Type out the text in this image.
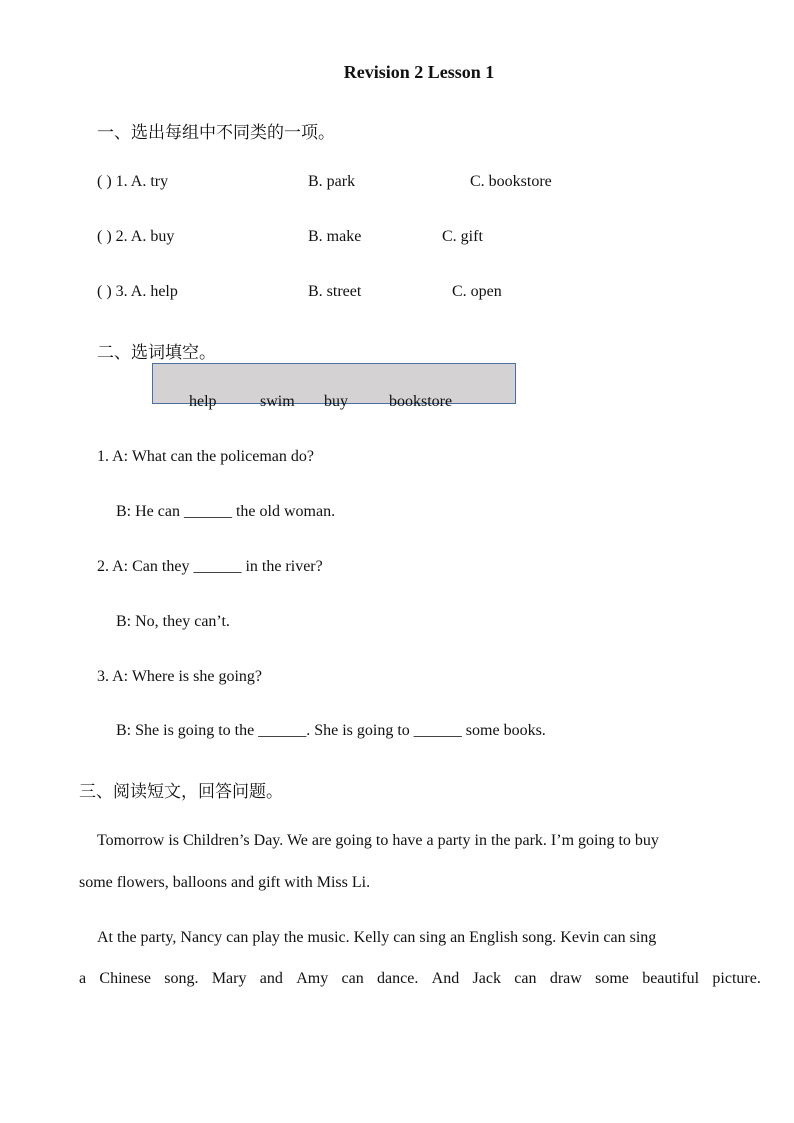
Revision 2 Lesson 1
一、选出每组中不同类的一项。
( ) 1. A. try	B. park	C. bookstore
( ) 2. A. buy	B. make	C. gift
( ) 3. A. help	B. street	C. open
二、选词填空。
help	swim buy	bookstore
1. A: What can the policeman do?
B: He can ______ the old woman.
2. A: Can they ______ in the river?
B: No, they can’t.
3. A: Where is she going?
B: She is going to the ______. She is going to ______ some books.
三、阅读短文，回答问题。
Tomorrow is Children’s Day. We are going to have a party in the park. I’m going to buy
some flowers, balloons and gift with Miss Li.
At the party, Nancy can play the music. Kelly can sing an English song. Kevin can sing
a Chinese song. Mary and Amy can dance. And Jack can draw some beautiful picture.
